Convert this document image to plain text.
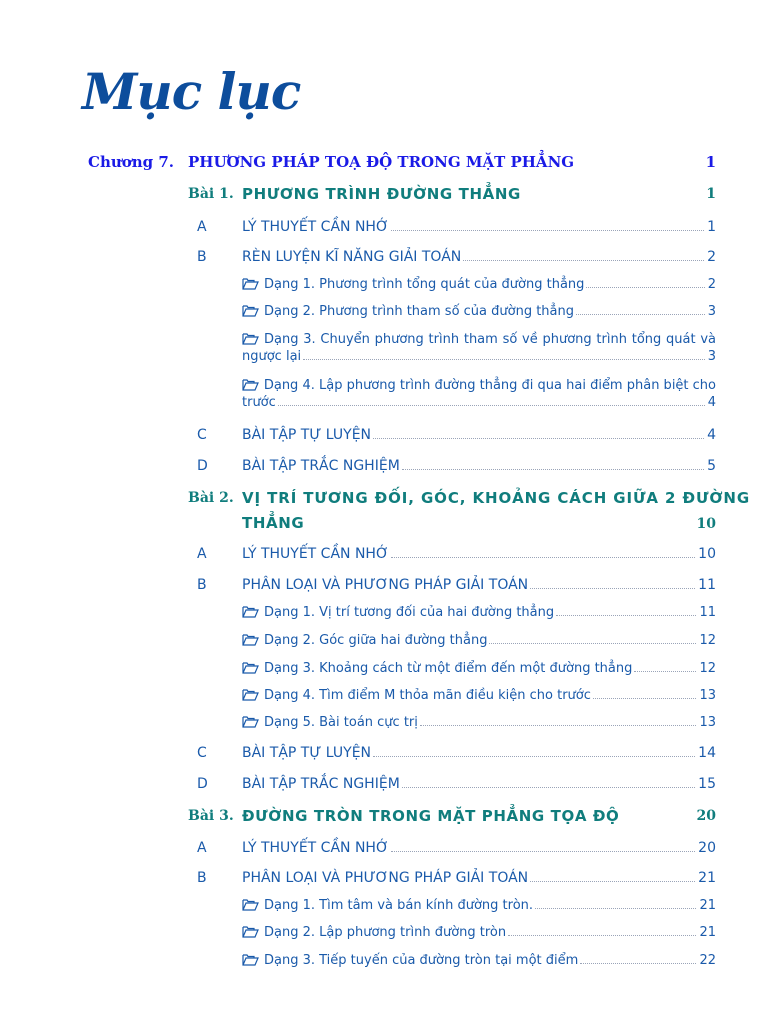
Mục lục
Chương 7. PHƯƠNG PHÁP TOẠ ĐỘ TRONG MẶT PHẲNG	1
Bài 1. PHƯƠNG TRÌNH ĐƯỜNG THẲNG	1
A	LÝ THUYẾT CẦN NHỚ	1
B	RÈN LUYỆN KĨ NĂNG GIẢI TOÁN	2
Dạng 1. Phương trình tổng quát của đường thẳng	2
Dạng 2. Phương trình tham số của đường thẳng	3
Dạng 3. Chuyển phương trình tham số về phương trình tổng quát và
ngược lại	3
Dạng 4. Lập phương trình đường thẳng đi qua hai điểm phân biệt cho
trước	4
C	BÀI TẬP TỰ LUYỆN	4
D BÀI TẬP TRẮC NGHIỆM	5
Bài 2. VỊ TRÍ TƯƠNG ĐỐI, GÓC, KHOẢNG CÁCH GIỮA 2 ĐƯỜNG
THẲNG	10
A	LÝ THUYẾT CẦN NHỚ	10
B	PHÂN LOẠI VÀ PHƯƠNG PHÁP GIẢI TOÁN	11
Dạng 1. Vị trí tương đối của hai đường thẳng	11
Dạng 2. Góc giữa hai đường thẳng	12
Dạng 3. Khoảng cách từ một điểm đến một đường thẳng	12
Dạng 4. Tìm điểm M thỏa mãn điều kiện cho trước	13
Dạng 5. Bài toán cực trị	13
C	BÀI TẬP TỰ LUYỆN	14
D BÀI TẬP TRẮC NGHIỆM	15
Bài 3. ĐƯỜNG TRÒN TRONG MẶT PHẲNG TỌA ĐỘ	20
A	LÝ THUYẾT CẦN NHỚ	20
B	PHÂN LOẠI VÀ PHƯƠNG PHÁP GIẢI TOÁN	21
Dạng 1. Tìm tâm và bán kính đường tròn.	21
Dạng 2. Lập phương trình đường tròn	21
Dạng 3. Tiếp tuyến của đường tròn tại một điểm	22
